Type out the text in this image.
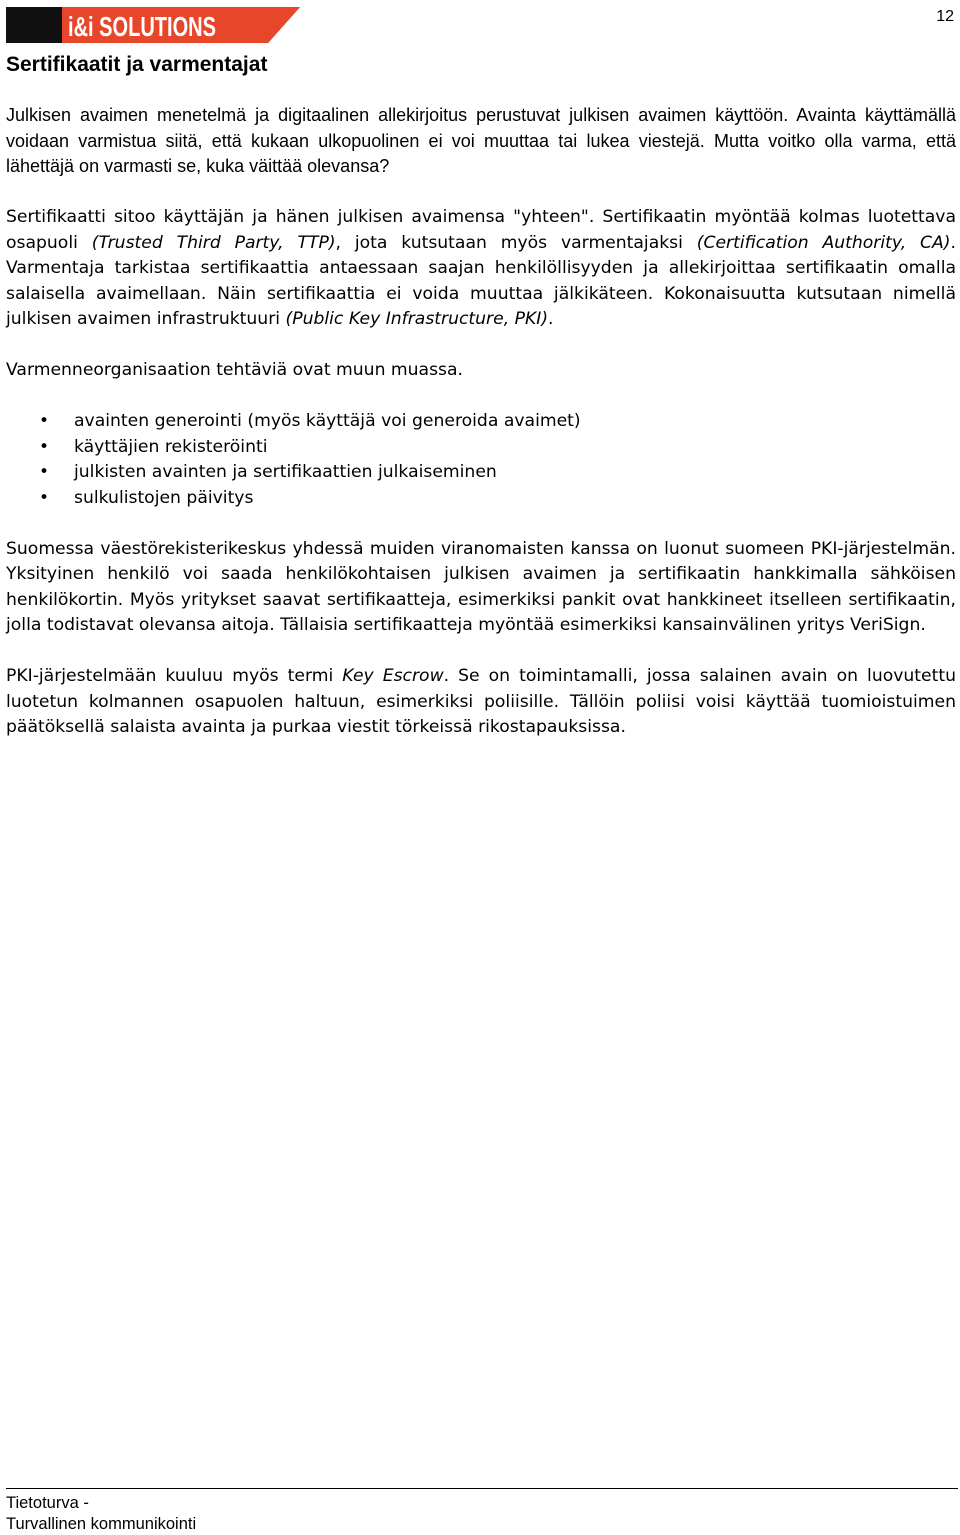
i&i SOLUTIONS	12
Sertifikaatit ja varmentajat

Julkisen avaimen menetelmä ja digitaalinen allekirjoitus perustuvat julkisen avaimen käyttöön. Avainta käyttämällä voidaan varmistua siitä, että kukaan ulkopuolinen ei voi muuttaa tai lukea viestejä. Mutta voitko olla varma, että lähettäjä on varmasti se, kuka väittää olevansa?

Sertifikaatti sitoo käyttäjän ja hänen julkisen avaimensa "yhteen". Sertifikaatin myöntää kolmas luotettava osapuoli (Trusted Third Party, TTP), jota kutsutaan myös varmentajaksi (Certification Authority, CA). Varmentaja tarkistaa sertifikaattia antaessaan saajan henkilöllisyyden ja allekirjoittaa sertifikaatin omalla salaisella avaimellaan. Näin sertifikaattia ei voida muuttaa jälkikäteen. Kokonaisuutta kutsutaan nimellä julkisen avaimen infrastruktuuri (Public Key Infrastructure, PKI).

Varmenneorganisaation tehtäviä ovat muun muassa.

• avainten generointi (myös käyttäjä voi generoida avaimet)
• käyttäjien rekisteröinti
• julkisten avainten ja sertifikaattien julkaiseminen
• sulkulistojen päivitys

Suomessa väestörekisterikeskus yhdessä muiden viranomaisten kanssa on luonut suomeen PKI-järjestelmän. Yksityinen henkilö voi saada henkilökohtaisen julkisen avaimen ja sertifikaatin hankkimalla sähköisen henkilökortin. Myös yritykset saavat sertifikaatteja, esimerkiksi pankit ovat hankkineet itselleen sertifikaatin, jolla todistavat olevansa aitoja. Tällaisia sertifikaatteja myöntää esimerkiksi kansainvälinen yritys VeriSign.

PKI-järjestelmään kuuluu myös termi Key Escrow. Se on toimintamalli, jossa salainen avain on luovutettu luotetun kolmannen osapuolen haltuun, esimerkiksi poliisille. Tällöin poliisi voisi käyttää tuomioistuimen päätöksellä salaista avainta ja purkaa viestit törkeissä rikostapauksissa.

Tietoturva -
Turvallinen kommunikointi
